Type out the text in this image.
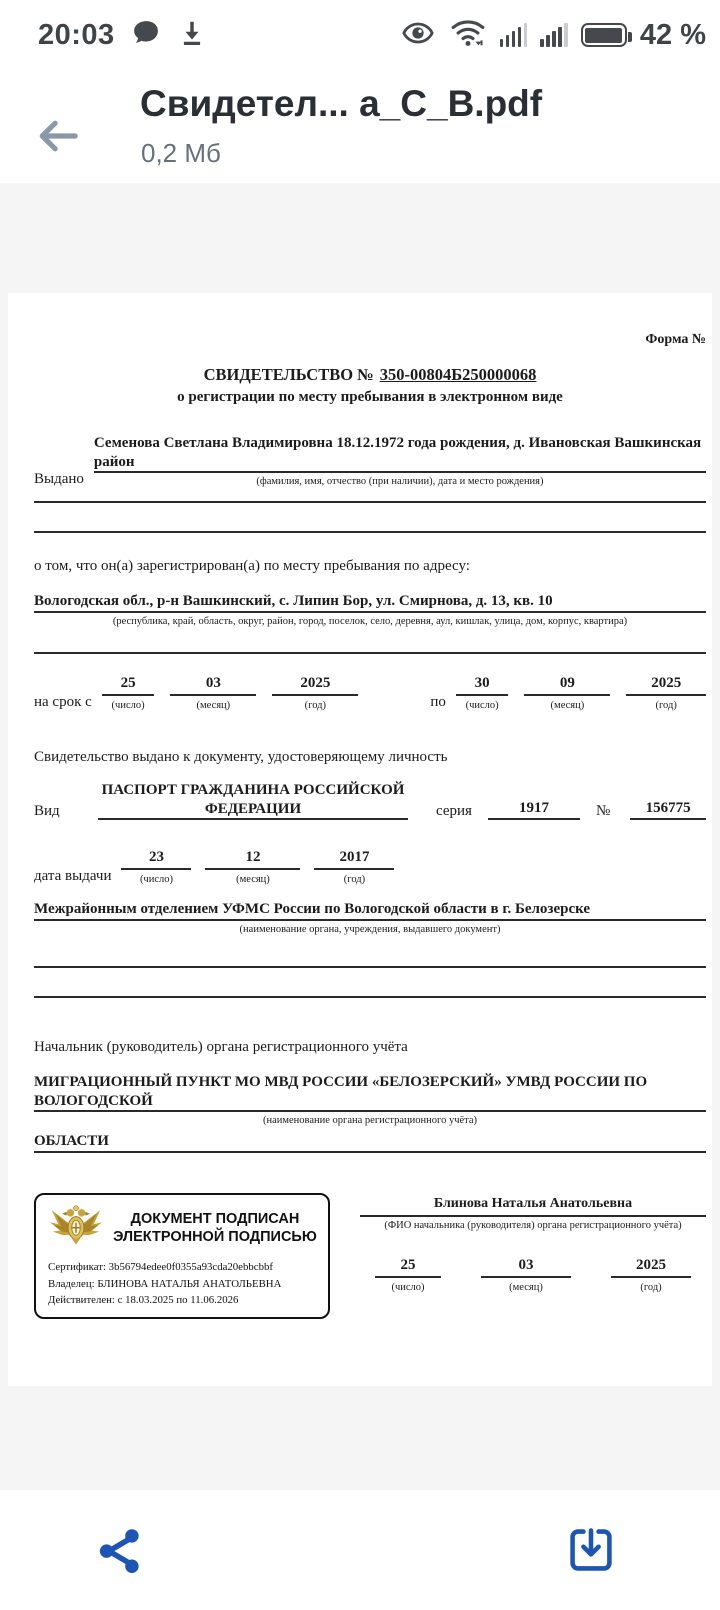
20:03	42 %
Свидетел... а_С_В.pdf
0,2 Мб
Форма №
СВИДЕТЕЛЬСТВО № 350-00804Б250000068
о регистрации по месту пребывания в электронном виде
Выдано
Семенова Светлана Владимировна 18.12.1972 года рождения, д. Ивановская Вашкинская район
(фамилия, имя, отчество (при наличии), дата и место рождения)
о том, что он(а) зарегистрирован(а) по месту пребывания по адресу:
Вологодская обл., р-н Вашкинский, с. Липин Бор, ул. Смирнова, д. 13, кв. 10
(республика, край, область, округ, район, город, поселок, село, деревня, аул, кишлак, улица, дом, корпус, квартира)
на срок с
25
(число)
03
(месяц)
2025
(год)	по
30
(число)
09
(месяц)
2025
(год)
Свидетельство выдано к документу, удостоверяющему личность
Вид
ПАСПОРТ ГРАЖДАНИНА РОССИЙСКОЙ
ФЕДЕРАЦИИ	серия	1917	№	156775
дата выдачи
23
(число)
12
(месяц)
2017
(год)
Межрайонным отделением УФМС России по Вологодской области в г. Белозерске
(наименование органа, учреждения, выдавшего документ)
Начальник (руководитель) органа регистрационного учёта
МИГРАЦИОННЫЙ ПУНКТ МО МВД РОССИИ «БЕЛОЗЕРСКИЙ» УМВД РОССИИ ПО ВОЛОГОДСКОЙ
(наименование органа регистрационного учёта)
ОБЛАСТИ
ДОКУМЕНТ ПОДПИСАН
ЭЛЕКТРОННОЙ ПОДПИСЬЮ
Сертификат: 3b56794edee0f0355a93cda20ebbcbbf
Владелец: БЛИНОВА НАТАЛЬЯ АНАТОЛЬЕВНА
Действителен: с 18.03.2025 по 11.06.2026
Блинова Наталья Анатольевна
(ФИО начальника (руководителя) органа регистрационного учёта)
25
(число)
03
(месяц)
2025
(год)
